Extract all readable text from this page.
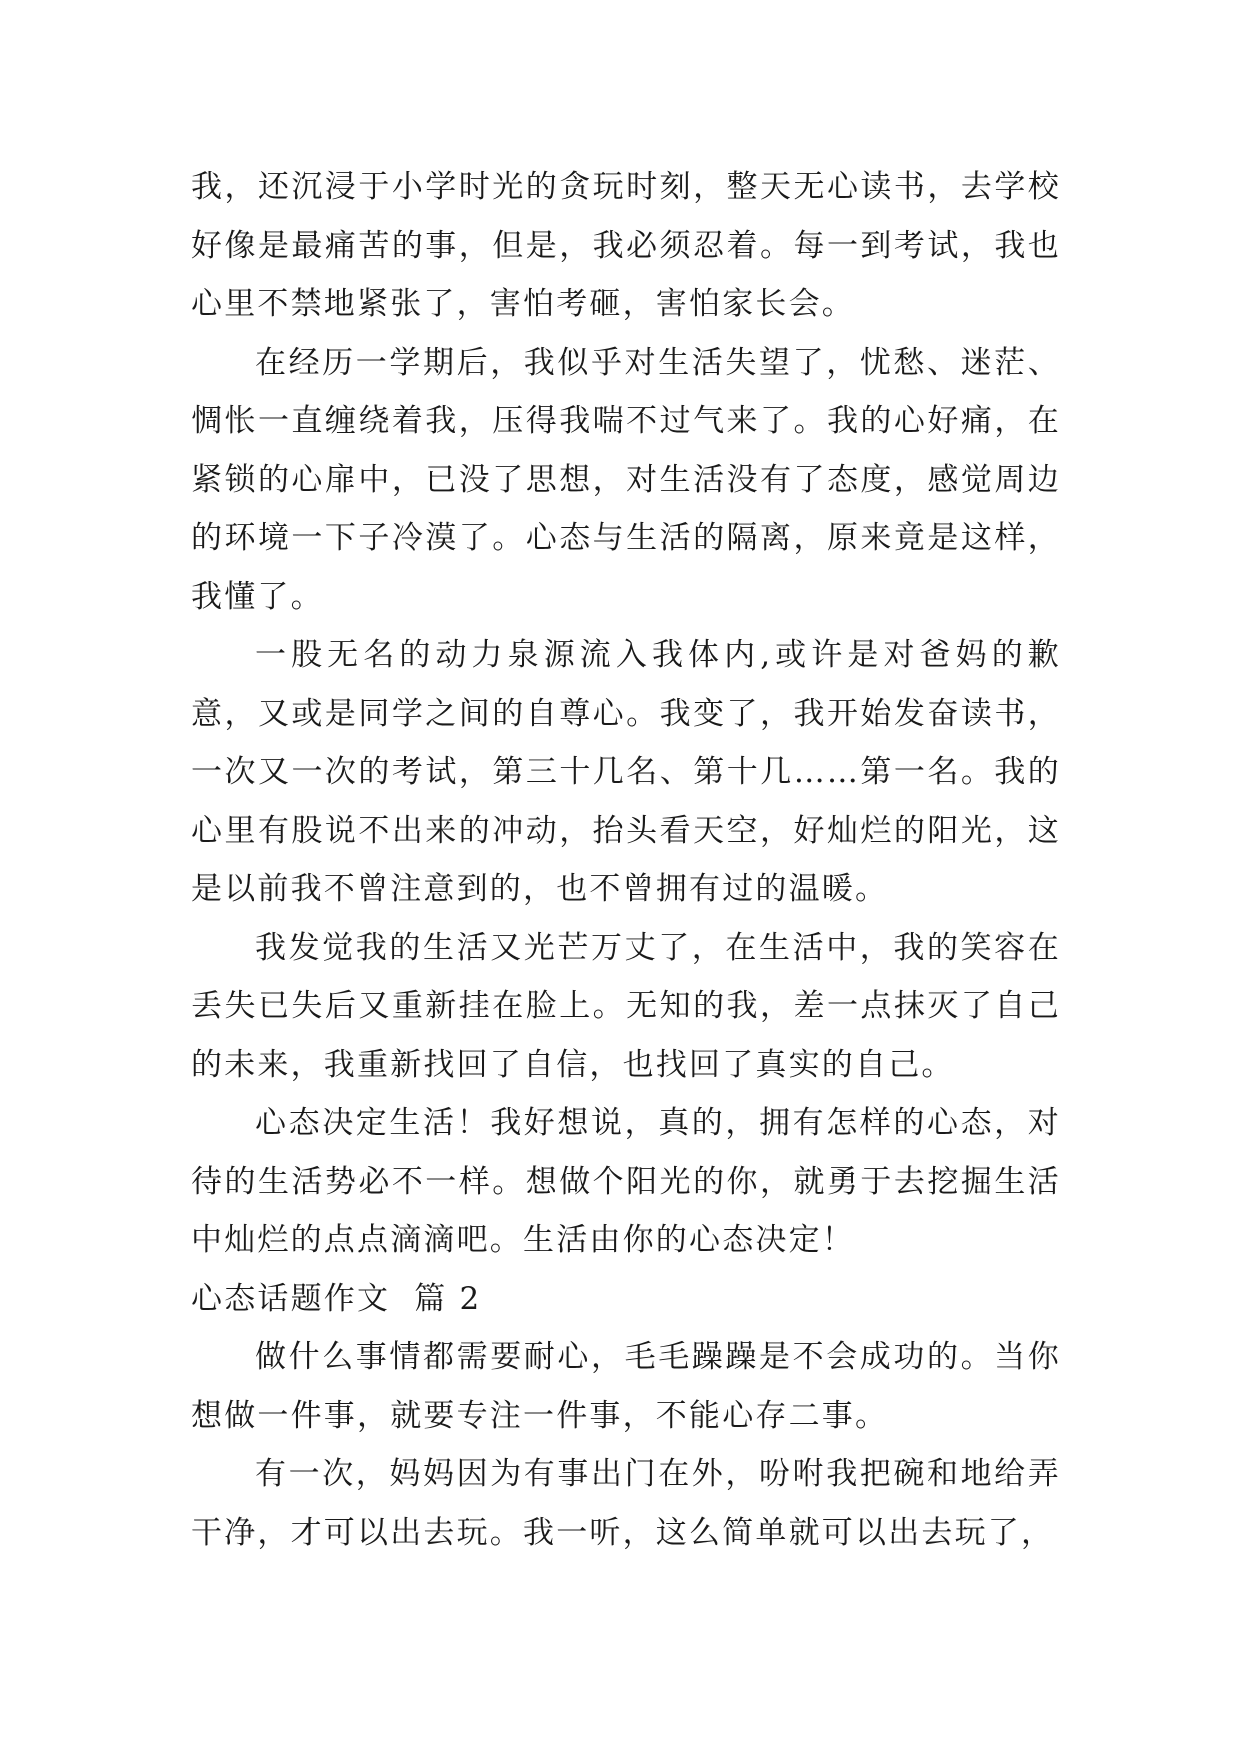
我，还沉浸于小学时光的贪玩时刻，整天无心读书，去学校好像是最痛苦的事，但是，我必须忍着。每一到考试，我也心里不禁地紧张了，害怕考砸，害怕家长会。

在经历一学期后，我似乎对生活失望了，忧愁、迷茫、惆怅一直缠绕着我，压得我喘不过气来了。我的心好痛，在紧锁的心扉中，已没了思想，对生活没有了态度，感觉周边的环境一下子冷漠了。心态与生活的隔离，原来竟是这样，我懂了。

一股无名的动力泉源流入我体内,或许是对爸妈的歉意，又或是同学之间的自尊心。我变了，我开始发奋读书，一次又一次的考试，第三十几名、第十几……第一名。我的心里有股说不出来的冲动，抬头看天空，好灿烂的阳光，这是以前我不曾注意到的，也不曾拥有过的温暖。

我发觉我的生活又光芒万丈了，在生活中，我的笑容在丢失已失后又重新挂在脸上。无知的我，差一点抹灭了自己的未来，我重新找回了自信，也找回了真实的自己。

心态决定生活！我好想说，真的，拥有怎样的心态，对待的生活势必不一样。想做个阳光的你，就勇于去挖掘生活中灿烂的点点滴滴吧。生活由你的心态决定！

心态话题作文  篇 2

做什么事情都需要耐心，毛毛躁躁是不会成功的。当你想做一件事，就要专注一件事，不能心存二事。

有一次，妈妈因为有事出门在外，吩咐我把碗和地给弄干净，才可以出去玩。我一听，这么简单就可以出去玩了，
